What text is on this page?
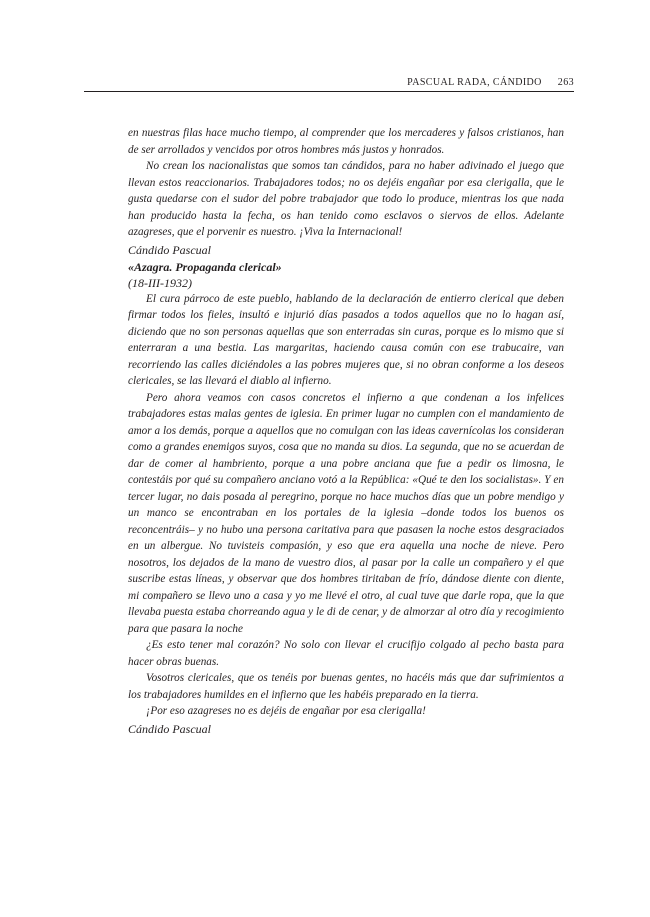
PASCUAL RADA, CÁNDIDO 263

en nuestras filas hace mucho tiempo, al comprender que los mercaderes y falsos cristianos, han de ser arrollados y vencidos por otros hombres más justos y honrados.

No crean los nacionalistas que somos tan cándidos, para no haber adivinado el juego que llevan estos reaccionarios. Trabajadores todos; no os dejéis engañar por esa clerigalla, que le gusta quedarse con el sudor del pobre trabajador que todo lo produce, mientras los que nada han producido hasta la fecha, os han tenido como esclavos o siervos de ellos. Adelante azagreses, que el porvenir es nuestro. ¡Viva la Internacional!

Cándido Pascual

«Azagra. Propaganda clerical»

(18-III-1932)

El cura párroco de este pueblo, hablando de la declaración de entierro clerical que deben firmar todos los fieles, insultó e injurió días pasados a todos aquellos que no lo hagan así, diciendo que no son personas aquellas que son enterradas sin curas, porque es lo mismo que si enterraran a una bestia. Las margaritas, haciendo causa común con ese trabucaire, van recorriendo las calles diciéndoles a las pobres mujeres que, si no obran conforme a los deseos clericales, se las llevará el diablo al infierno.

Pero ahora veamos con casos concretos el infierno a que condenan a los infelices trabajadores estas malas gentes de iglesia. En primer lugar no cumplen con el mandamiento de amor a los demás, porque a aquellos que no comulgan con las ideas cavernícolas los consideran como a grandes enemigos suyos, cosa que no manda su dios. La segunda, que no se acuerdan de dar de comer al hambriento, porque a una pobre anciana que fue a pedir os limosna, le contestáis por qué su compañero anciano votó a la República: «Qué te den los socialistas». Y en tercer lugar, no dais posada al peregrino, porque no hace muchos días que un pobre mendigo y un manco se encontraban en los portales de la iglesia –donde todos los buenos os reconcentráis– y no hubo una persona caritativa para que pasasen la noche estos desgraciados en un albergue. No tuvisteis compasión, y eso que era aquella una noche de nieve. Pero nosotros, los dejados de la mano de vuestro dios, al pasar por la calle un compañero y el que suscribe estas líneas, y observar que dos hombres tiritaban de frío, dándose diente con diente, mi compañero se llevo uno a casa y yo me llevé el otro, al cual tuve que darle ropa, que la que llevaba puesta estaba chorreando agua y le di de cenar, y de almorzar al otro día y recogimiento para que pasara la noche

¿Es esto tener mal corazón? No solo con llevar el crucifijo colgado al pecho basta para hacer obras buenas.

Vosotros clericales, que os tenéis por buenas gentes, no hacéis más que dar sufrimientos a los trabajadores humildes en el infierno que les habéis preparado en la tierra.

¡Por eso azagreses no es dejéis de engañar por esa clerigalla!

Cándido Pascual
